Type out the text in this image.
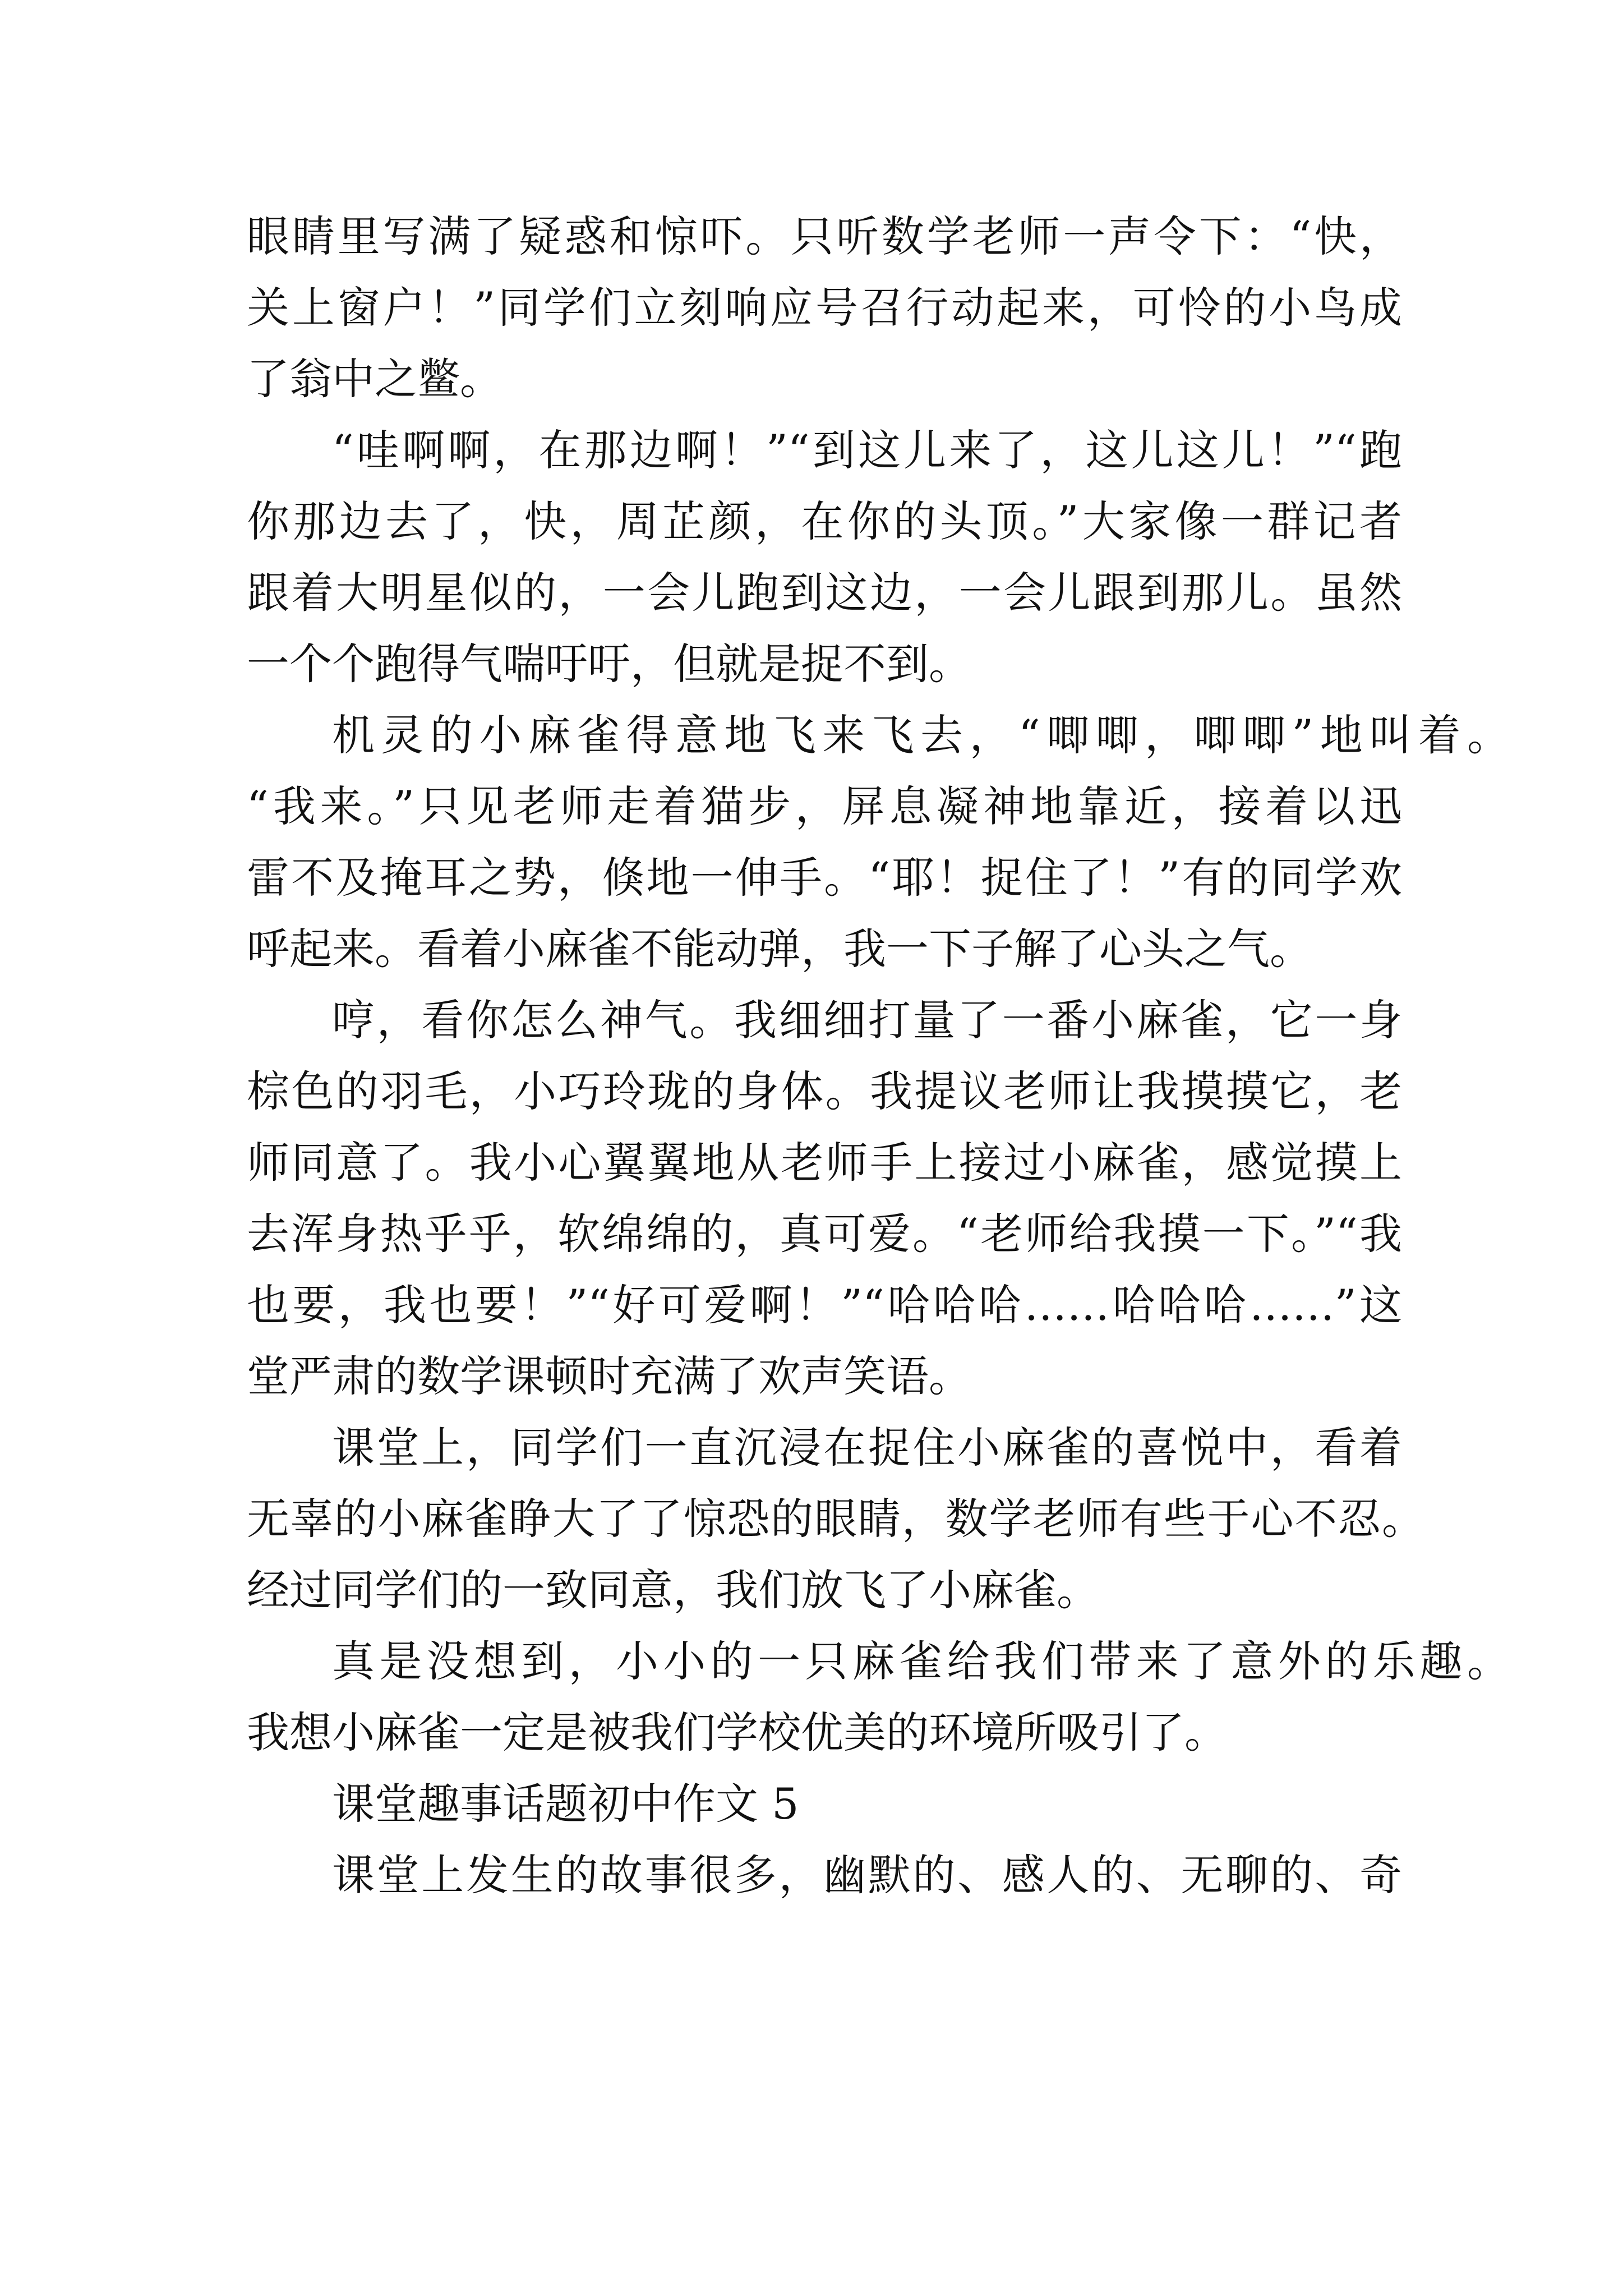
眼睛里写满了疑惑和惊吓。只听数学老师一声令下：“快，
关上窗户！”同学们立刻响应号召行动起来，可怜的小鸟成
了翁中之鳖。
“哇啊啊，在那边啊！”“到这儿来了，这儿这儿！”“跑
你那边去了，快，周芷颜，在你的头顶。”大家像一群记者
跟着大明星似的，一会儿跑到这边，一会儿跟到那儿。虽然
一个个跑得气喘吁吁，但就是捉不到。
机灵的小麻雀得意地飞来飞去，“唧唧，唧唧”地叫着。
“我来。”只见老师走着猫步，屏息凝神地靠近，接着以迅
雷不及掩耳之势，倏地一伸手。“耶！捉住了！”有的同学欢
呼起来。看着小麻雀不能动弹，我一下子解了心头之气。
哼，看你怎么神气。我细细打量了一番小麻雀，它一身
棕色的羽毛，小巧玲珑的身体。我提议老师让我摸摸它，老
师同意了。我小心翼翼地从老师手上接过小麻雀，感觉摸上
去浑身热乎乎，软绵绵的，真可爱。“老师给我摸一下。”“我
也要，我也要！”“好可爱啊！”“哈哈哈……哈哈哈……”这
堂严肃的数学课顿时充满了欢声笑语。
课堂上，同学们一直沉浸在捉住小麻雀的喜悦中，看着
无辜的小麻雀睁大了了惊恐的眼睛，数学老师有些于心不忍。
经过同学们的一致同意，我们放飞了小麻雀。
真是没想到，小小的一只麻雀给我们带来了意外的乐趣。
我想小麻雀一定是被我们学校优美的环境所吸引了。
课堂趣事话题初中作文 5
课堂上发生的故事很多，幽默的、感人的、无聊的、奇
